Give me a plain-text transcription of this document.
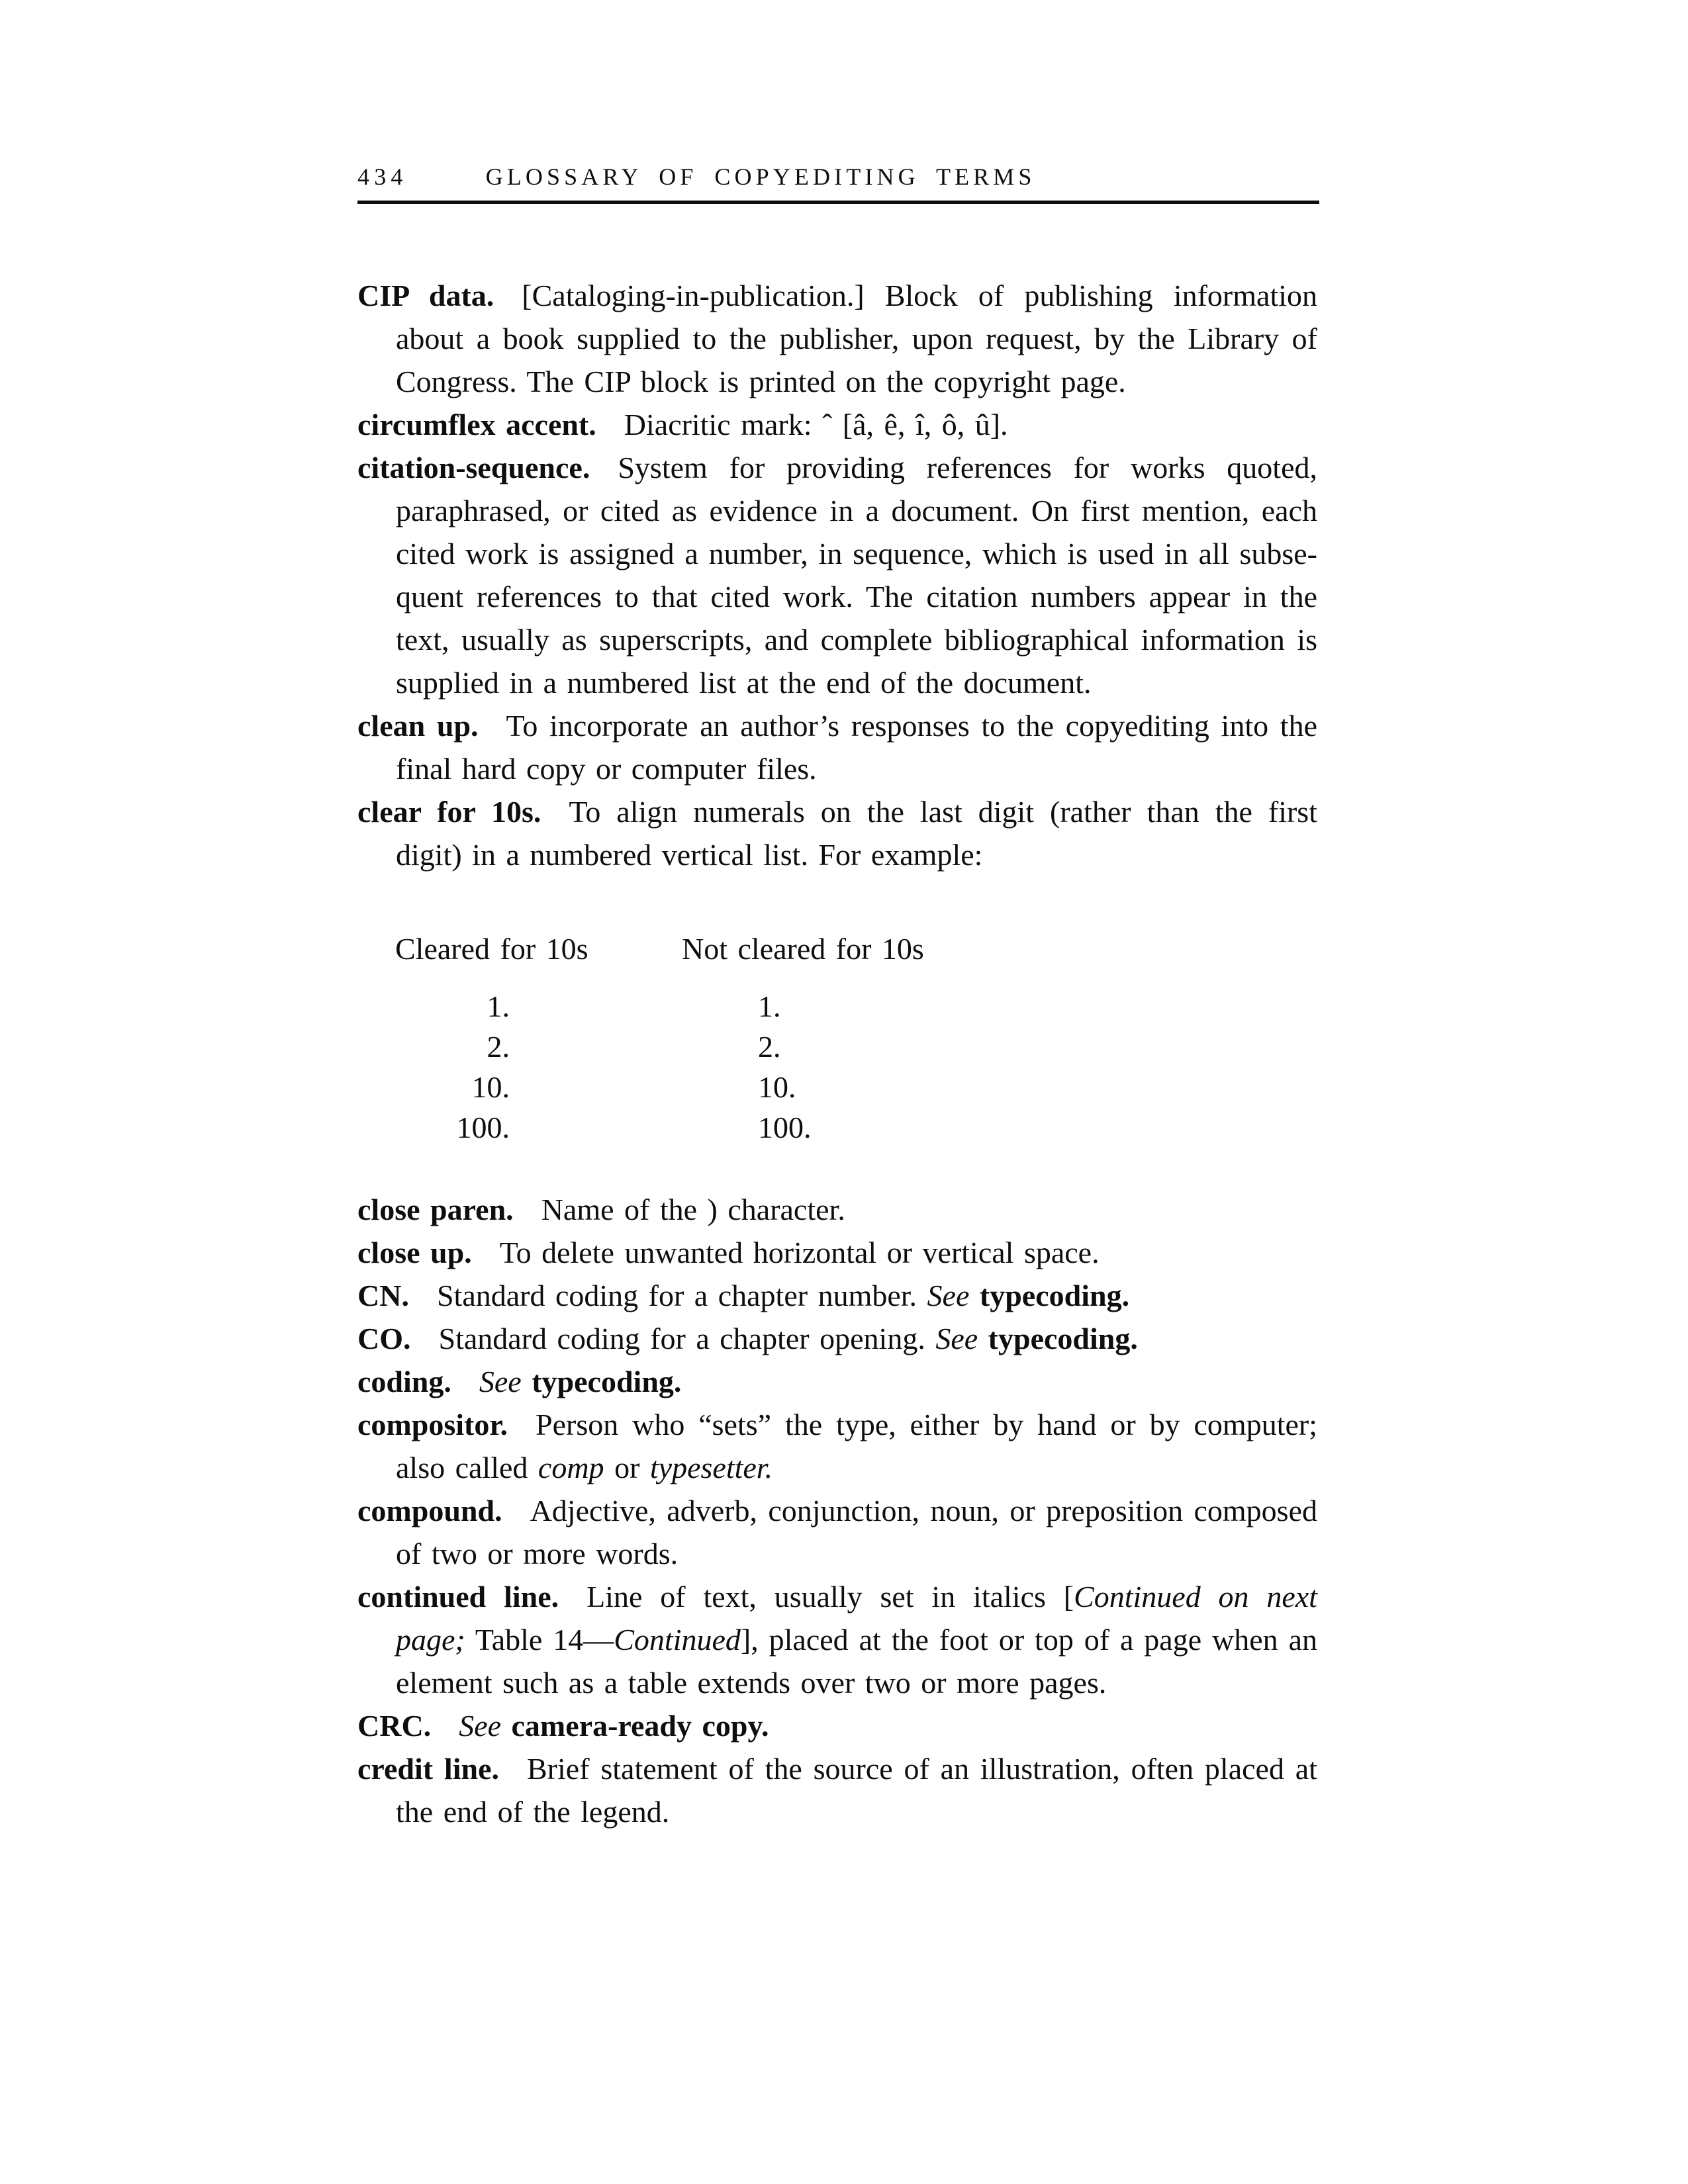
434	GLOSSARY OF COPYEDITING TERMS

CIP data. [Cataloging-in-publication.] Block of publishing information about a book supplied to the publisher, upon request, by the Library of Congress. The CIP block is printed on the copyright page.

circumflex accent. Diacritic mark: ˆ [â, ê, î, ô, û].

citation-sequence. System for providing references for works quoted, paraphrased, or cited as evidence in a document. On first mention, each cited work is assigned a number, in sequence, which is used in all subsequent references to that cited work. The citation numbers appear in the text, usually as superscripts, and complete bibliographical information is supplied in a numbered list at the end of the document.

clean up. To incorporate an author’s responses to the copyediting into the final hard copy or computer files.

clear for 10s. To align numerals on the last digit (rather than the first digit) in a numbered vertical list. For example:

Cleared for 10s
1.
2.
10.
100.
Not cleared for 10s
1.
2.
10.
100.

close paren. Name of the ) character.

close up. To delete unwanted horizontal or vertical space.

CN. Standard coding for a chapter number. See typecoding.

CO. Standard coding for a chapter opening. See typecoding.

coding. See typecoding.

compositor. Person who “sets” the type, either by hand or by computer; also called comp or typesetter.

compound. Adjective, adverb, conjunction, noun, or preposition composed of two or more words.

continued line. Line of text, usually set in italics [Continued on next page; Table 14—Continued], placed at the foot or top of a page when an element such as a table extends over two or more pages.

CRC. See camera-ready copy.

credit line. Brief statement of the source of an illustration, often placed at the end of the legend.
